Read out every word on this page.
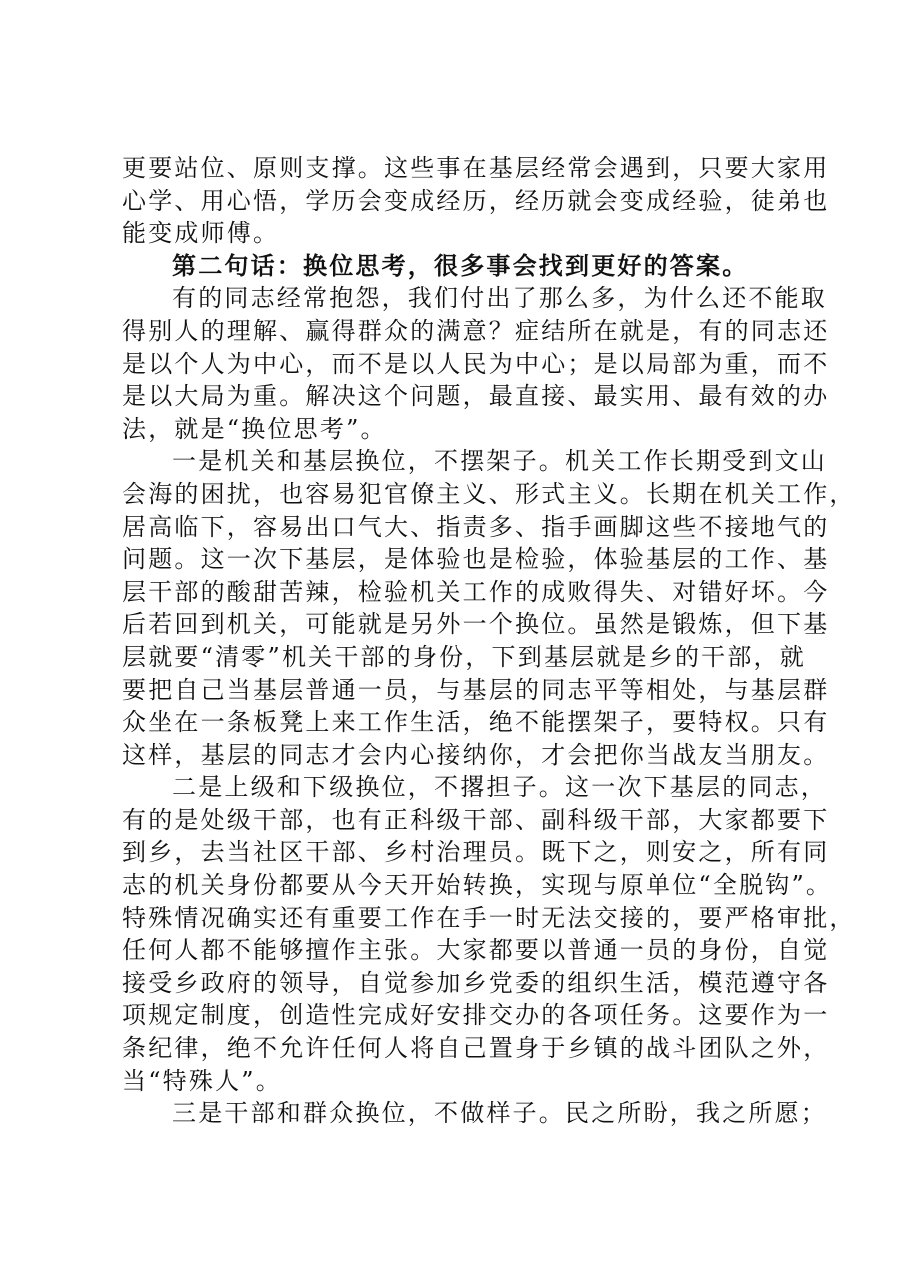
更要站位、原则支撑。这些事在基层经常会遇到，只要大家用
心学、用心悟，学历会变成经历，经历就会变成经验，徒弟也
能变成师傅。
第二句话：换位思考，很多事会找到更好的答案。
有的同志经常抱怨，我们付出了那么多，为什么还不能取
得别人的理解、赢得群众的满意？症结所在就是，有的同志还
是以个人为中心，而不是以人民为中心；是以局部为重，而不
是以大局为重。解决这个问题，最直接、最实用、最有效的办
法，就是“换位思考”。
一是机关和基层换位，不摆架子。机关工作长期受到文山
会海的困扰，也容易犯官僚主义、形式主义。长期在机关工作，
居高临下，容易出口气大、指责多、指手画脚这些不接地气的
问题。这一次下基层，是体验也是检验，体验基层的工作、基
层干部的酸甜苦辣，检验机关工作的成败得失、对错好坏。今
后若回到机关，可能就是另外一个换位。虽然是锻炼，但下基
层就要“清零”机关干部的身份，下到基层就是乡的干部，就
要把自己当基层普通一员，与基层的同志平等相处，与基层群
众坐在一条板凳上来工作生活，绝不能摆架子，要特权。只有
这样，基层的同志才会内心接纳你，才会把你当战友当朋友。
二是上级和下级换位，不撂担子。这一次下基层的同志，
有的是处级干部，也有正科级干部、副科级干部，大家都要下
到乡，去当社区干部、乡村治理员。既下之，则安之，所有同
志的机关身份都要从今天开始转换，实现与原单位“全脱钩”。
特殊情况确实还有重要工作在手一时无法交接的，要严格审批，
任何人都不能够擅作主张。大家都要以普通一员的身份，自觉
接受乡政府的领导，自觉参加乡党委的组织生活，模范遵守各
项规定制度，创造性完成好安排交办的各项任务。这要作为一
条纪律，绝不允许任何人将自己置身于乡镇的战斗团队之外，
当“特殊人”。
三是干部和群众换位，不做样子。民之所盼，我之所愿；
